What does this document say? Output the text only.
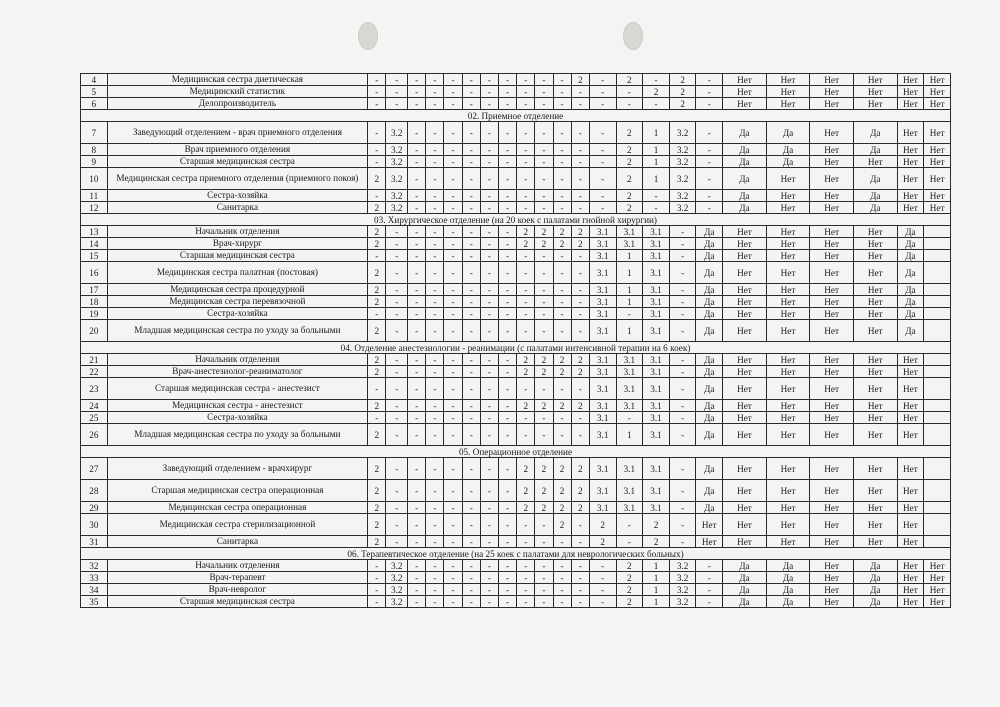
4	Медицинская сестра диетическая	-	-	-	-	-	-	-	-	-	-	-	2	-	2	-	2	-	Нет	Нет	Нет	Нет	Нет	Нет
5	Медицинский статистик	-	-	-	-	-	-	-	-	-	-	-	-	-	-	2	2	-	Нет	Нет	Нет	Нет	Нет	Нет
6	Делопроизводитель	-	-	-	-	-	-	-	-	-	-	-	-	-	-	-	2	-	Нет	Нет	Нет	Нет	Нет	Нет
02. Приемное отделение																								
7	Заведующий отделением - врач приемного отделения	-	3.2	-	-	-	-	-	-	-	-	-	-	-	2	1	3.2	-	Да	Да	Нет	Да	Нет	Нет
8	Врач приемного отделения	-	3.2	-	-	-	-	-	-	-	-	-	-	-	2	1	3.2	-	Да	Да	Нет	Да	Нет	Нет
9	Старшая медицинская сестра	-	3.2	-	-	-	-	-	-	-	-	-	-	-	2	1	3.2	-	Да	Да	Нет	Нет	Нет	Нет
10	Медицинская сестра приемного отделения (приемного покоя)	2	3.2	-	-	-	-	-	-	-	-	-	-	-	2	1	3.2	-	Да	Нет	Нет	Да	Нет	Нет
11	Сестра-хозяйка	-	3.2	-	-	-	-	-	-	-	-	-	-	-	2	-	3.2	-	Да	Нет	Нет	Да	Нет	Нет
12	Санитарка	2	3.2	-	-	-	-	-	-	-	-	-	-	-	2	-	3.2	-	Да	Нет	Нет	Да	Нет	Нет
03. Хирургическое отделение (на 20 коек с палатами гнойной хирургии)																								
13	Начальник отделения	2	-	-	-	-	-	-	-	2	2	2	2	3.1	3.1	3.1	-	Да	Нет	Нет	Нет	Нет	Да	
14	Врач-хирург	2	-	-	-	-	-	-	-	2	2	2	2	3.1	3.1	3.1	-	Да	Нет	Нет	Нет	Нет	Да	
15	Старшая медицинская сестра	-	-	-	-	-	-	-	-	-	-	-	-	3.1	1	3.1	-	Да	Нет	Нет	Нет	Нет	Да	
16	Медицинская сестра палатная (постовая)	2	-	-	-	-	-	-	-	-	-	-	-	3.1	1	3.1	-	Да	Нет	Нет	Нет	Нет	Да	
17	Медицинская сестра процедурной	2	-	-	-	-	-	-	-	-	-	-	-	3.1	1	3.1	-	Да	Нет	Нет	Нет	Нет	Да	
18	Медицинская сестра перевязочной	2	-	-	-	-	-	-	-	-	-	-	-	3.1	1	3.1	-	Да	Нет	Нет	Нет	Нет	Да	
19	Сестра-хозяйка	-	-	-	-	-	-	-	-	-	-	-	-	3.1	-	3.1	-	Да	Нет	Нет	Нет	Нет	Да	
20	Младшая медицинская сестра по уходу за больными	2	-	-	-	-	-	-	-	-	-	-	-	3.1	1	3.1	-	Да	Нет	Нет	Нет	Нет	Да	
04. Отделение анестезиологии - реанимации (с палатами интенсивной терапии на 6 коек)																								
21	Начальник отделения	2	-	-	-	-	-	-	-	2	2	2	2	3.1	3.1	3.1	-	Да	Нет	Нет	Нет	Нет	Нет	
22	Врач-анестезиолог-реаниматолог	2	-	-	-	-	-	-	-	2	2	2	2	3.1	3.1	3.1	-	Да	Нет	Нет	Нет	Нет	Нет	
23	Старшая медицинская сестра - анестезист	-	-	-	-	-	-	-	-	-	-	-	-	3.1	3.1	3.1	-	Да	Нет	Нет	Нет	Нет	Нет	
24	Медицинская сестра - анестезист	2	-	-	-	-	-	-	-	2	2	2	2	3.1	3.1	3.1	-	Да	Нет	Нет	Нет	Нет	Нет	
25	Сестра-хозяйка	-	-	-	-	-	-	-	-	-	-	-	-	3.1	-	3.1	-	Да	Нет	Нет	Нет	Нет	Нет	
26	Младшая медицинская сестра по уходу за больными	2	-	-	-	-	-	-	-	-	-	-	-	3.1	1	3.1	-	Да	Нет	Нет	Нет	Нет	Нет	
05. Операционное отделение																								
27	Заведующий отделением - врачхирург	2	-	-	-	-	-	-	-	2	2	2	2	3.1	3.1	3.1	-	Да	Нет	Нет	Нет	Нет	Нет	
28	Старшая медицинская сестра операционная	2	-	-	-	-	-	-	-	2	2	2	2	3.1	3.1	3.1	-	Да	Нет	Нет	Нет	Нет	Нет	
29	Медицинская сестра операционная	2	-	-	-	-	-	-	-	2	2	2	2	3.1	3.1	3.1	-	Да	Нет	Нет	Нет	Нет	Нет	
30	Медицинская сестра стерилизационной	2	-	-	-	-	-	-	-	-	-	2	-	2	-	2	-	Нет	Нет	Нет	Нет	Нет	Нет	
31	Санитарка	2	-	-	-	-	-	-	-	-	-	-	-	2	-	2	-	Нет	Нет	Нет	Нет	Нет	Нет	
06. Терапевтическое отделение (на 25 коек с палатами для неврологических больных)																								
32	Начальник отделения	-	3.2	-	-	-	-	-	-	-	-	-	-	-	2	1	3.2	-	Да	Да	Нет	Да	Нет	Нет
33	Врач-терапевт	-	3.2	-	-	-	-	-	-	-	-	-	-	-	2	1	3.2	-	Да	Да	Нет	Да	Нет	Нет
34	Врач-невролог	-	3.2	-	-	-	-	-	-	-	-	-	-	-	2	1	3.2	-	Да	Да	Нет	Да	Нет	Нет
35	Старшая медицинская сестра	-	3.2	-	-	-	-	-	-	-	-	-	-	-	2	1	3.2	-	Да	Да	Нет	Да	Нет	Нет
